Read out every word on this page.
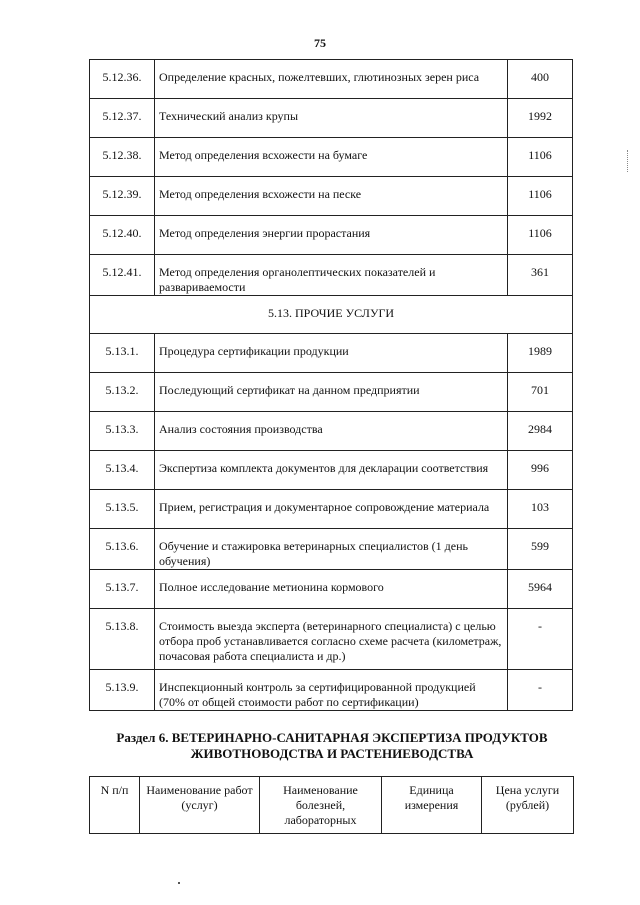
75
5.12.36.	Определение красных, пожелтевших, глютинозных зерен риса	400
5.12.37.	Технический анализ крупы	1992
5.12.38.	Метод определения всхожести на бумаге	1106
5.12.39.	Метод определения всхожести на песке	1106
5.12.40.	Метод определения энергии прорастания	1106
5.12.41.	Метод определения органолептических показателей и развариваемости	361
5.13. ПРОЧИЕ УСЛУГИ		
5.13.1.	Процедура сертификации продукции	1989
5.13.2.	Последующий сертификат на данном предприятии	701
5.13.3.	Анализ состояния производства	2984
5.13.4.	Экспертиза комплекта документов для декларации соответствия	996
5.13.5.	Прием, регистрация и документарное сопровождение материала	103
5.13.6.	Обучение и стажировка ветеринарных специалистов (1 день обучения)	599
5.13.7.	Полное исследование метионина кормового	5964
5.13.8.	Стоимость выезда эксперта (ветеринарного специалиста) с целью отбора проб устанавливается согласно схеме расчета (километраж, почасовая работа специалиста и др.)	-
5.13.9.	Инспекционный контроль за сертифицированной продукцией (70% от общей стоимости работ по сертификации)	-
Раздел 6. ВЕТЕРИНАРНО-САНИТАРНАЯ ЭКСПЕРТИЗА ПРОДУКТОВ
ЖИВОТНОВОДСТВА И РАСТЕНИЕВОДСТВА
N п/п	Наименование работ (услуг)	Наименование болезней, лабораторных	Единица измерения	Цена услуги (рублей)
